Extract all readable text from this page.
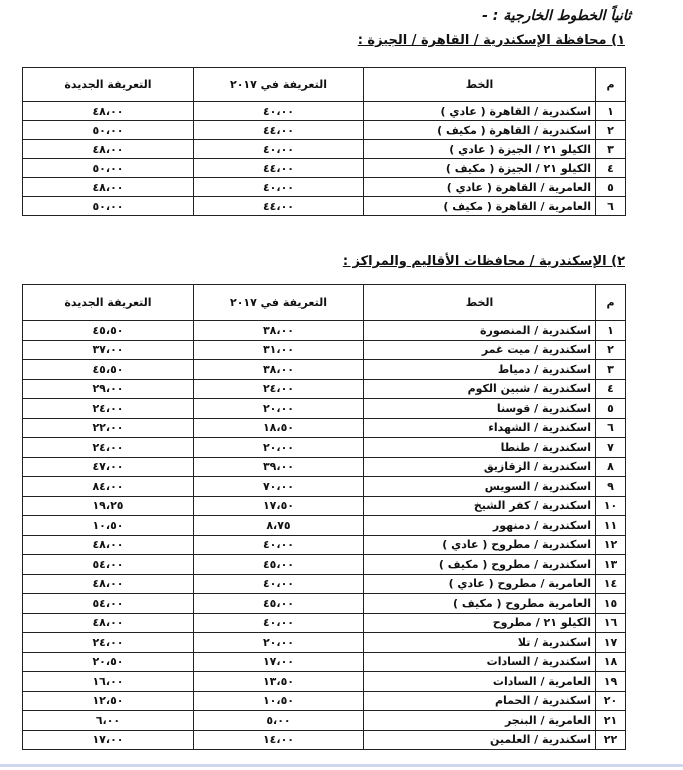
ثانياً الخطوط الخارجية : -
١) محافظة الإسكندرية / القاهرة / الجيزة :
م	الخط	التعريفة في ٢٠١٧	التعريفة الجديدة
١	اسكندرية / القاهرة ( عادي )	٤٠،٠٠	٤٨،٠٠
٢	اسكندرية / القاهرة ( مكيف )	٤٤،٠٠	٥٠،٠٠
٣	الكيلو ٢١ / الجيزة ( عادي )	٤٠،٠٠	٤٨،٠٠
٤	الكيلو ٢١ / الجيزة ( مكيف )	٤٤،٠٠	٥٠،٠٠
٥	العامرية / القاهرة ( عادي )	٤٠،٠٠	٤٨،٠٠
٦	العامرية / القاهرة ( مكيف )	٤٤،٠٠	٥٠،٠٠
٢) الإسكندرية / محافظات الأقاليم والمراكز :
م	الخط	التعريفة في ٢٠١٧	التعريفة الجديدة
١	اسكندرية / المنصورة	٣٨،٠٠	٤٥،٥٠
٢	اسكندرية / ميت غمر	٣١،٠٠	٣٧،٠٠
٣	اسكندرية / دمياط	٣٨،٠٠	٤٥،٥٠
٤	اسكندرية / شبين الكوم	٢٤،٠٠	٢٩،٠٠
٥	اسكندرية / قوسنا	٢٠،٠٠	٢٤،٠٠
٦	اسكندرية / الشهداء	١٨،٥٠	٢٢،٠٠
٧	اسكندرية / طنطا	٢٠،٠٠	٢٤،٠٠
٨	اسكندرية / الزقازيق	٣٩،٠٠	٤٧،٠٠
٩	اسكندرية / السويس	٧٠،٠٠	٨٤،٠٠
١٠	اسكندرية / كفر الشيخ	١٧،٥٠	١٩،٢٥
١١	اسكندرية / دمنهور	٨،٧٥	١٠،٥٠
١٢	اسكندرية / مطروح ( عادي )	٤٠،٠٠	٤٨،٠٠
١٣	اسكندرية / مطروح ( مكيف )	٤٥،٠٠	٥٤،٠٠
١٤	العامرية / مطروح ( عادي )	٤٠،٠٠	٤٨،٠٠
١٥	العامرية مطروح ( مكيف )	٤٥،٠٠	٥٤،٠٠
١٦	الكيلو ٢١ / مطروح	٤٠،٠٠	٤٨،٠٠
١٧	اسكندرية / تلا	٢٠،٠٠	٢٤،٠٠
١٨	اسكندرية / السادات	١٧،٠٠	٢٠،٥٠
١٩	العامرية / السادات	١٣،٥٠	١٦،٠٠
٢٠	اسكندرية / الحمام	١٠،٥٠	١٢،٥٠
٢١	العامرية / البنجر	٥،٠٠	٦،٠٠
٢٢	اسكندرية / العلمين	١٤،٠٠	١٧،٠٠
